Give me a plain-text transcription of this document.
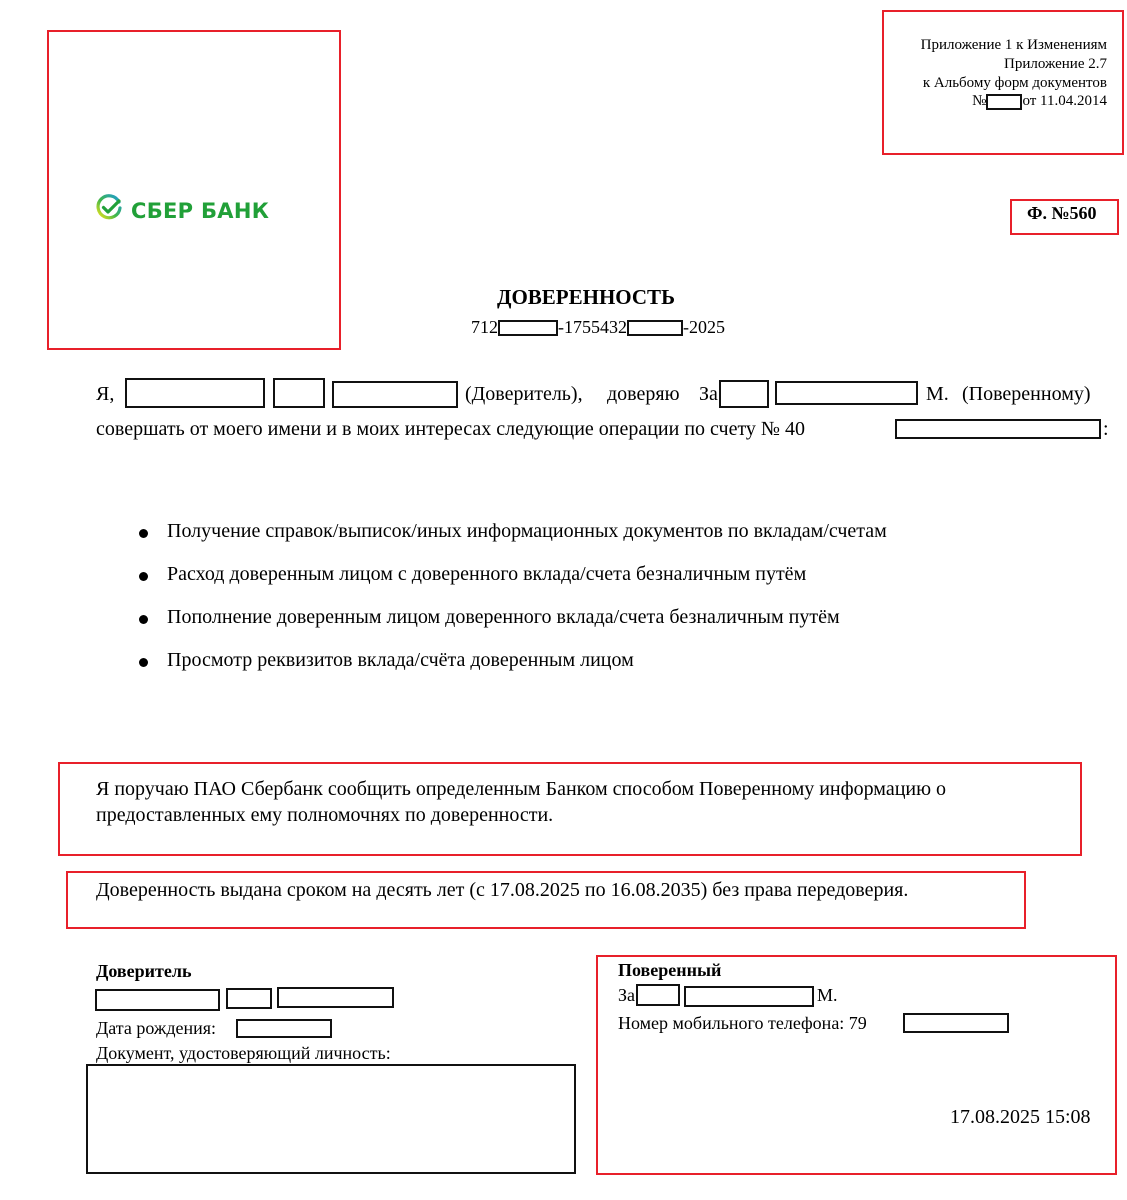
СБЕР БАНК
Приложение 1 к Изменениям
Приложение 2.7
к Альбому форм документов
№ от 11.04.2014
Ф. №560
ДОВЕРЕННОСТЬ
712	-1755432	-2025
Я,	(Доверитель), доверяю За	М. (Поверенному)
совершать от моего имени и в моих интересах следующие операции по счету № 40	:
Получение справок/выписок/иных информационных документов по вкладам/счетам
Расход доверенным лицом с доверенного вклада/счета безналичным путём
Пополнение доверенным лицом доверенного вклада/счета безналичным путём
Просмотр реквизитов вклада/счёта доверенным лицом
Я поручаю ПАО Сбербанк сообщить определенным Банком способом Поверенному информацию о
предоставленных ему полномочнях по доверенности.
Доверенность выдана сроком на десять лет (с 17.08.2025 по 16.08.2035) без права передоверия.
Доверитель
Дата рождения:
Документ, удостоверяющий личность:
Поверенный
За	М.
Номер мобильного телефона: 79
17.08.2025 15:08
